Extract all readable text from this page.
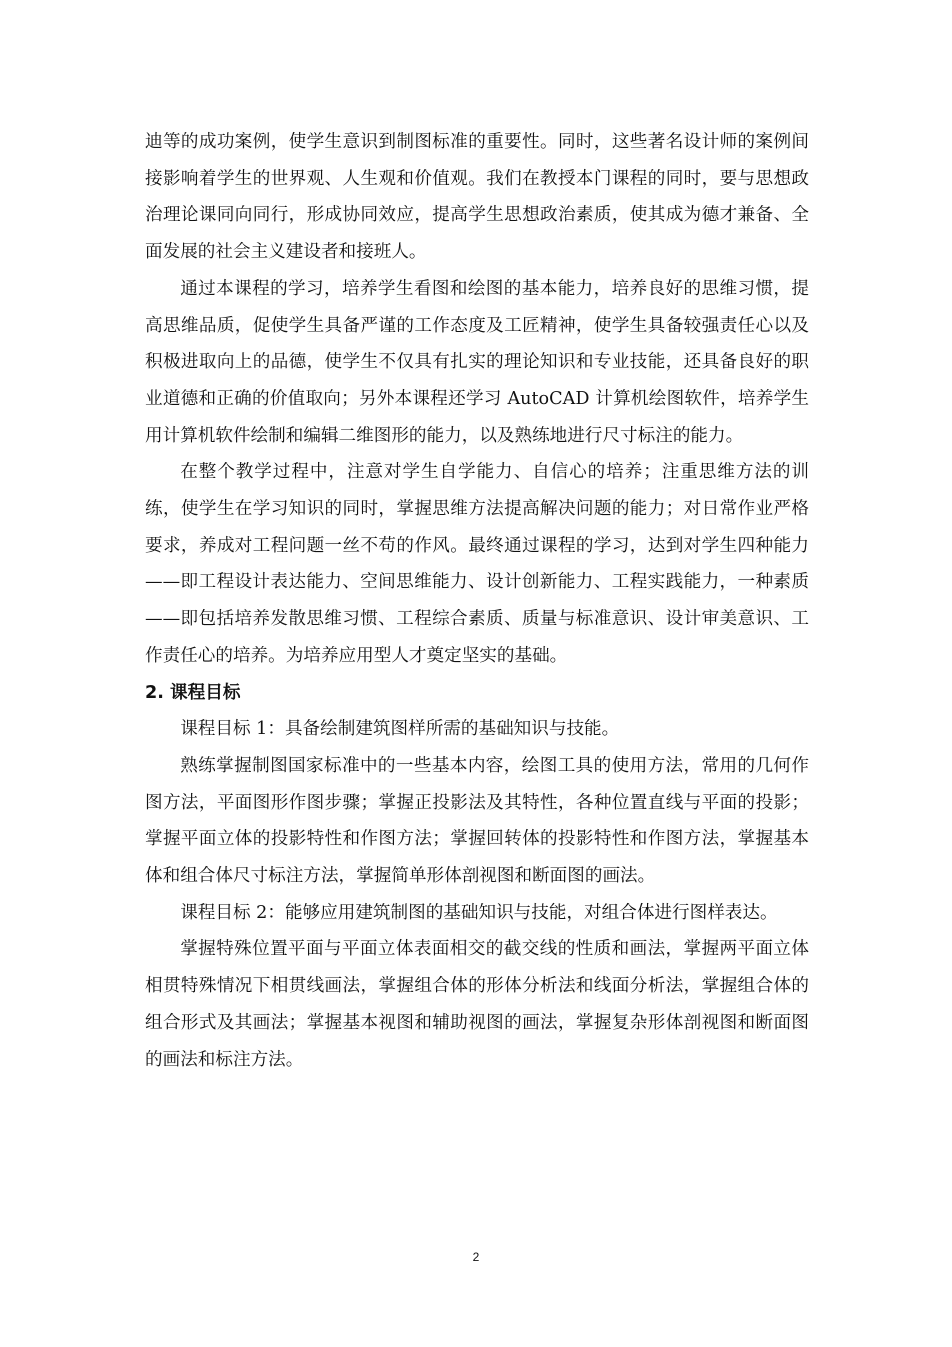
迪等的成功案例，使学生意识到制图标准的重要性。同时，这些著名设计师的案例间接影响着学生的世界观、人生观和价值观。我们在教授本门课程的同时，要与思想政治理论课同向同行，形成协同效应，提高学生思想政治素质，使其成为德才兼备、全面发展的社会主义建设者和接班人。

通过本课程的学习，培养学生看图和绘图的基本能力，培养良好的思维习惯，提高思维品质，促使学生具备严谨的工作态度及工匠精神，使学生具备较强责任心以及积极进取向上的品德，使学生不仅具有扎实的理论知识和专业技能，还具备良好的职业道德和正确的价值取向；另外本课程还学习 AutoCAD 计算机绘图软件，培养学生用计算机软件绘制和编辑二维图形的能力，以及熟练地进行尺寸标注的能力。

在整个教学过程中，注意对学生自学能力、自信心的培养；注重思维方法的训练，使学生在学习知识的同时，掌握思维方法提高解决问题的能力；对日常作业严格要求，养成对工程问题一丝不苟的作风。最终通过课程的学习，达到对学生四种能力——即工程设计表达能力、空间思维能力、设计创新能力、工程实践能力，一种素质——即包括培养发散思维习惯、工程综合素质、质量与标准意识、设计审美意识、工作责任心的培养。为培养应用型人才奠定坚实的基础。

2. 课程目标

课程目标 1：具备绘制建筑图样所需的基础知识与技能。

熟练掌握制图国家标准中的一些基本内容，绘图工具的使用方法，常用的几何作图方法，平面图形作图步骤；掌握正投影法及其特性，各种位置直线与平面的投影；掌握平面立体的投影特性和作图方法；掌握回转体的投影特性和作图方法，掌握基本体和组合体尺寸标注方法，掌握简单形体剖视图和断面图的画法。

课程目标 2：能够应用建筑制图的基础知识与技能，对组合体进行图样表达。

掌握特殊位置平面与平面立体表面相交的截交线的性质和画法，掌握两平面立体相贯特殊情况下相贯线画法，掌握组合体的形体分析法和线面分析法，掌握组合体的组合形式及其画法；掌握基本视图和辅助视图的画法，掌握复杂形体剖视图和断面图的画法和标注方法。

2
